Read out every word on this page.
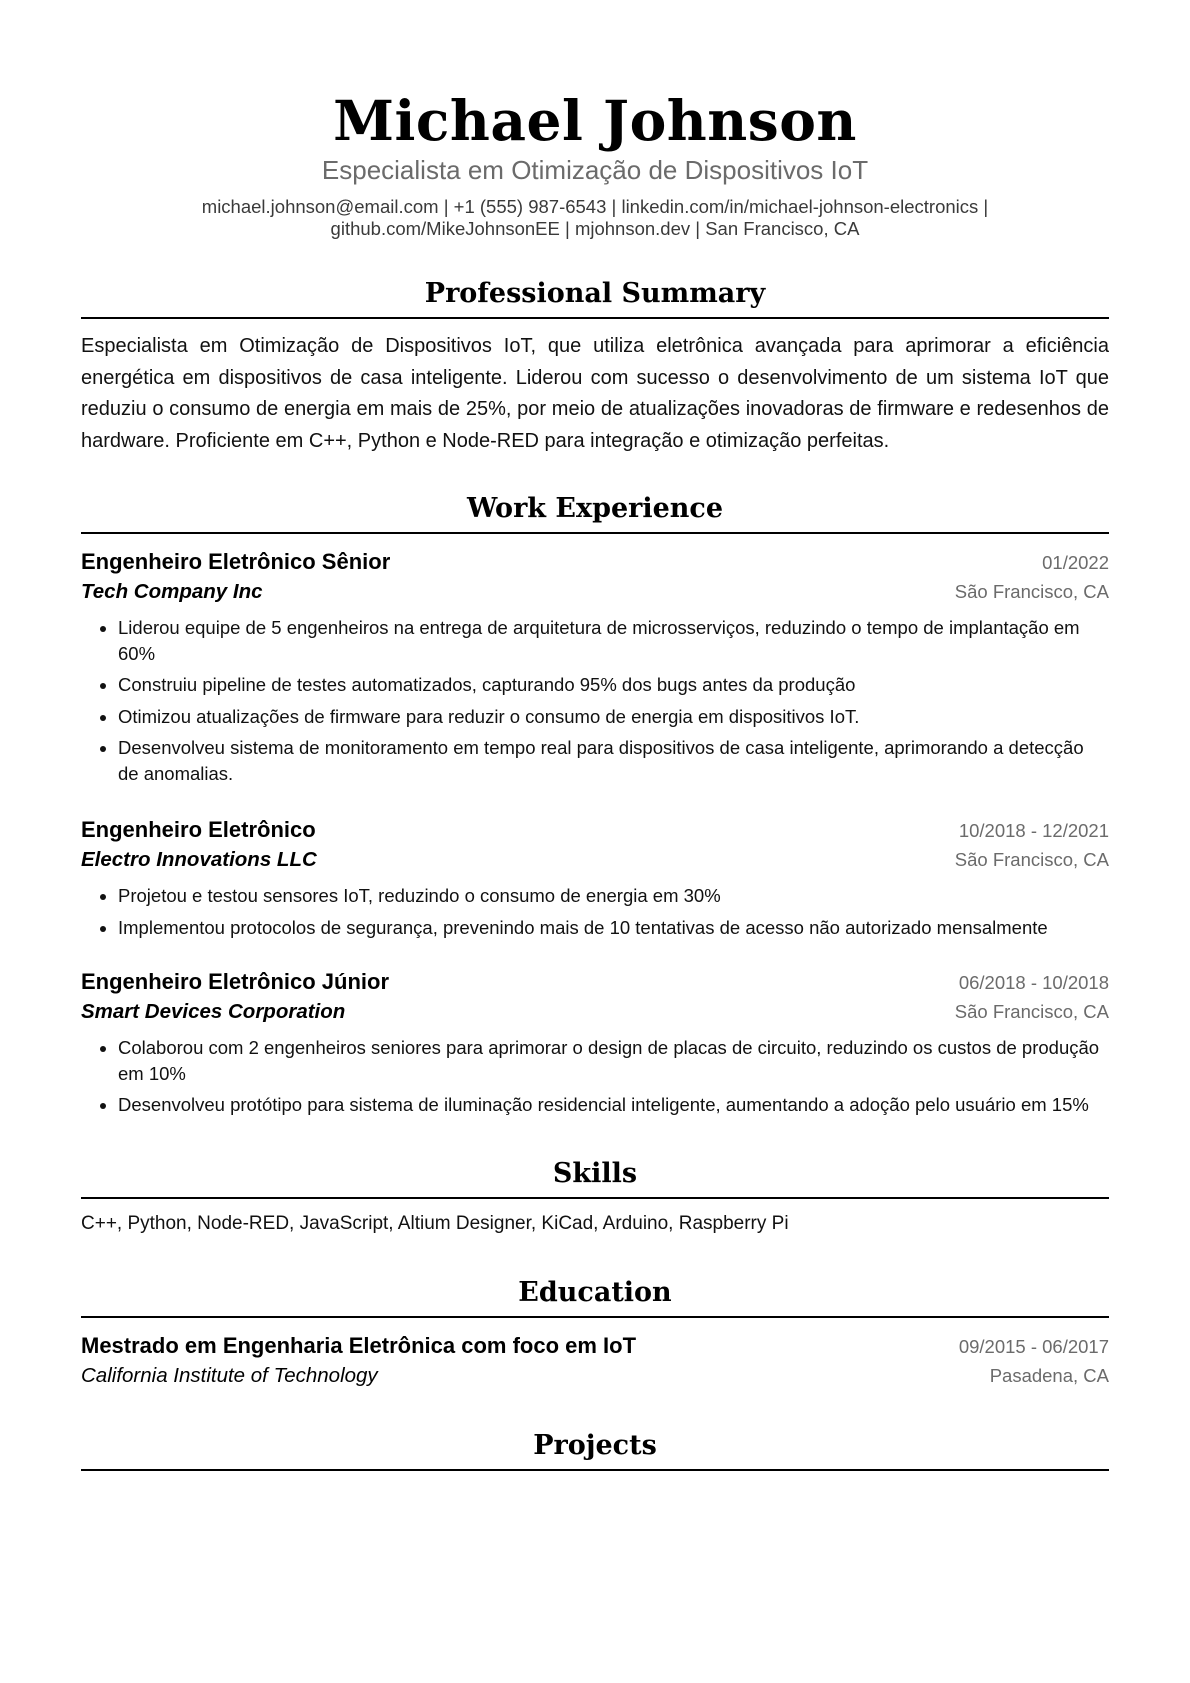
Michael Johnson
Especialista em Otimização de Dispositivos IoT
michael.johnson@email.com | +1 (555) 987-6543 | linkedin.com/in/michael-johnson-electronics |
github.com/MikeJohnsonEE | mjohnson.dev | San Francisco, CA
Professional Summary
Especialista em Otimização de Dispositivos IoT, que utiliza eletrônica avançada para aprimorar a eficiência energética em dispositivos de casa inteligente. Liderou com sucesso o desenvolvimento de um sistema IoT que reduziu o consumo de energia em mais de 25%, por meio de atualizações inovadoras de firmware e redesenhos de hardware. Proficiente em C++, Python e Node-RED para integração e otimização perfeitas.
Work Experience
Engenheiro Eletrônico Sênior	01/2022
Tech Company Inc	São Francisco, CA
• Liderou equipe de 5 engenheiros na entrega de arquitetura de microsserviços, reduzindo o tempo de implantação em 60%
• Construiu pipeline de testes automatizados, capturando 95% dos bugs antes da produção
• Otimizou atualizações de firmware para reduzir o consumo de energia em dispositivos IoT.
• Desenvolveu sistema de monitoramento em tempo real para dispositivos de casa inteligente, aprimorando a detecção de anomalias.
Engenheiro Eletrônico	10/2018 - 12/2021
Electro Innovations LLC	São Francisco, CA
• Projetou e testou sensores IoT, reduzindo o consumo de energia em 30%
• Implementou protocolos de segurança, prevenindo mais de 10 tentativas de acesso não autorizado mensalmente
Engenheiro Eletrônico Júnior	06/2018 - 10/2018
Smart Devices Corporation	São Francisco, CA
• Colaborou com 2 engenheiros seniores para aprimorar o design de placas de circuito, reduzindo os custos de produção em 10%
• Desenvolveu protótipo para sistema de iluminação residencial inteligente, aumentando a adoção pelo usuário em 15%
Skills
C++, Python, Node-RED, JavaScript, Altium Designer, KiCad, Arduino, Raspberry Pi
Education
Mestrado em Engenharia Eletrônica com foco em IoT	09/2015 - 06/2017
California Institute of Technology	Pasadena, CA
Projects
